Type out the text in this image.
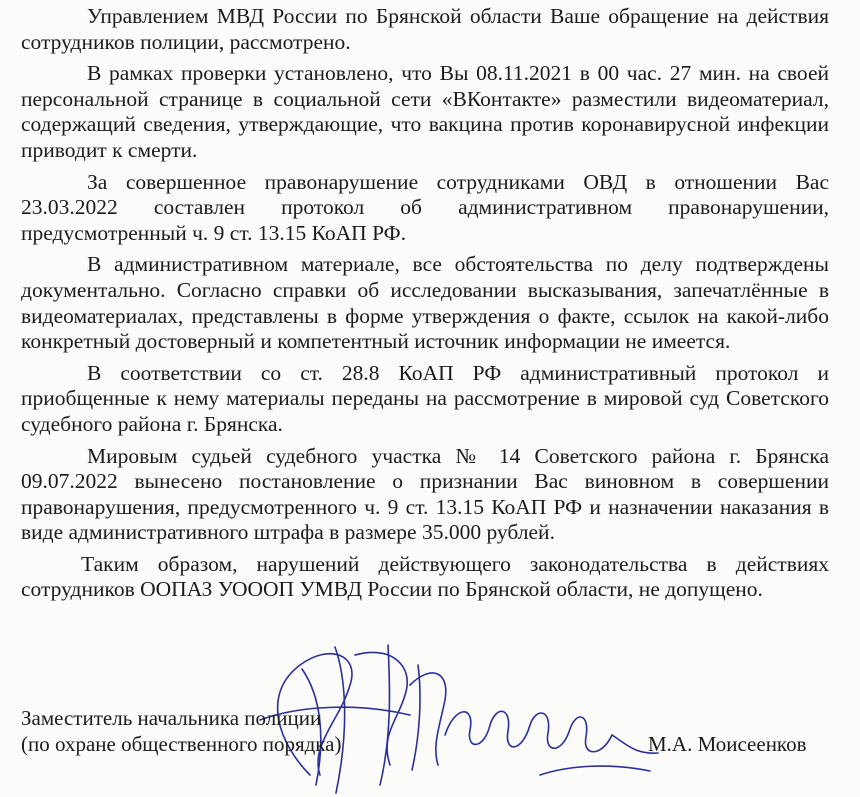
Управлением МВД России по Брянской области Ваше обращение на действия сотрудников полиции, рассмотрено.

В рамках проверки установлено, что Вы 08.11.2021 в 00 час. 27 мин. на своей персональной странице в социальной сети «ВКонтакте» разместили видеоматериал, содержащий сведения, утверждающие, что вакцина против коронавирусной инфекции приводит к смерти.

За совершенное правонарушение сотрудниками ОВД в отношении Вас 23.03.2022 составлен протокол об административном правонарушении, предусмотренный ч. 9 ст. 13.15 КоАП РФ.

В административном материале, все обстоятельства по делу подтверждены документально. Согласно справки об исследовании высказывания, запечатлённые в видеоматериалах, представлены в форме утверждения о факте, ссылок на какой-либо конкретный достоверный и компетентный источник информации не имеется.

В соответствии со ст. 28.8 КоАП РФ административный протокол и приобщенные к нему материалы переданы на рассмотрение в мировой суд Советского судебного района г. Брянска.

Мировым судьей судебного участка № 14 Советского района г. Брянска 09.07.2022 вынесено постановление о признании Вас виновном в совершении правонарушения, предусмотренного ч. 9 ст. 13.15 КоАП РФ и назначении наказания в виде административного штрафа в размере 35.000 рублей.

Таким образом, нарушений действующего законодательства в действиях сотрудников ООПАЗ УОООП УМВД России по Брянской области, не допущено.

Заместитель начальника полиции
(по охране общественного порядка)	М.А. Моисеенков
